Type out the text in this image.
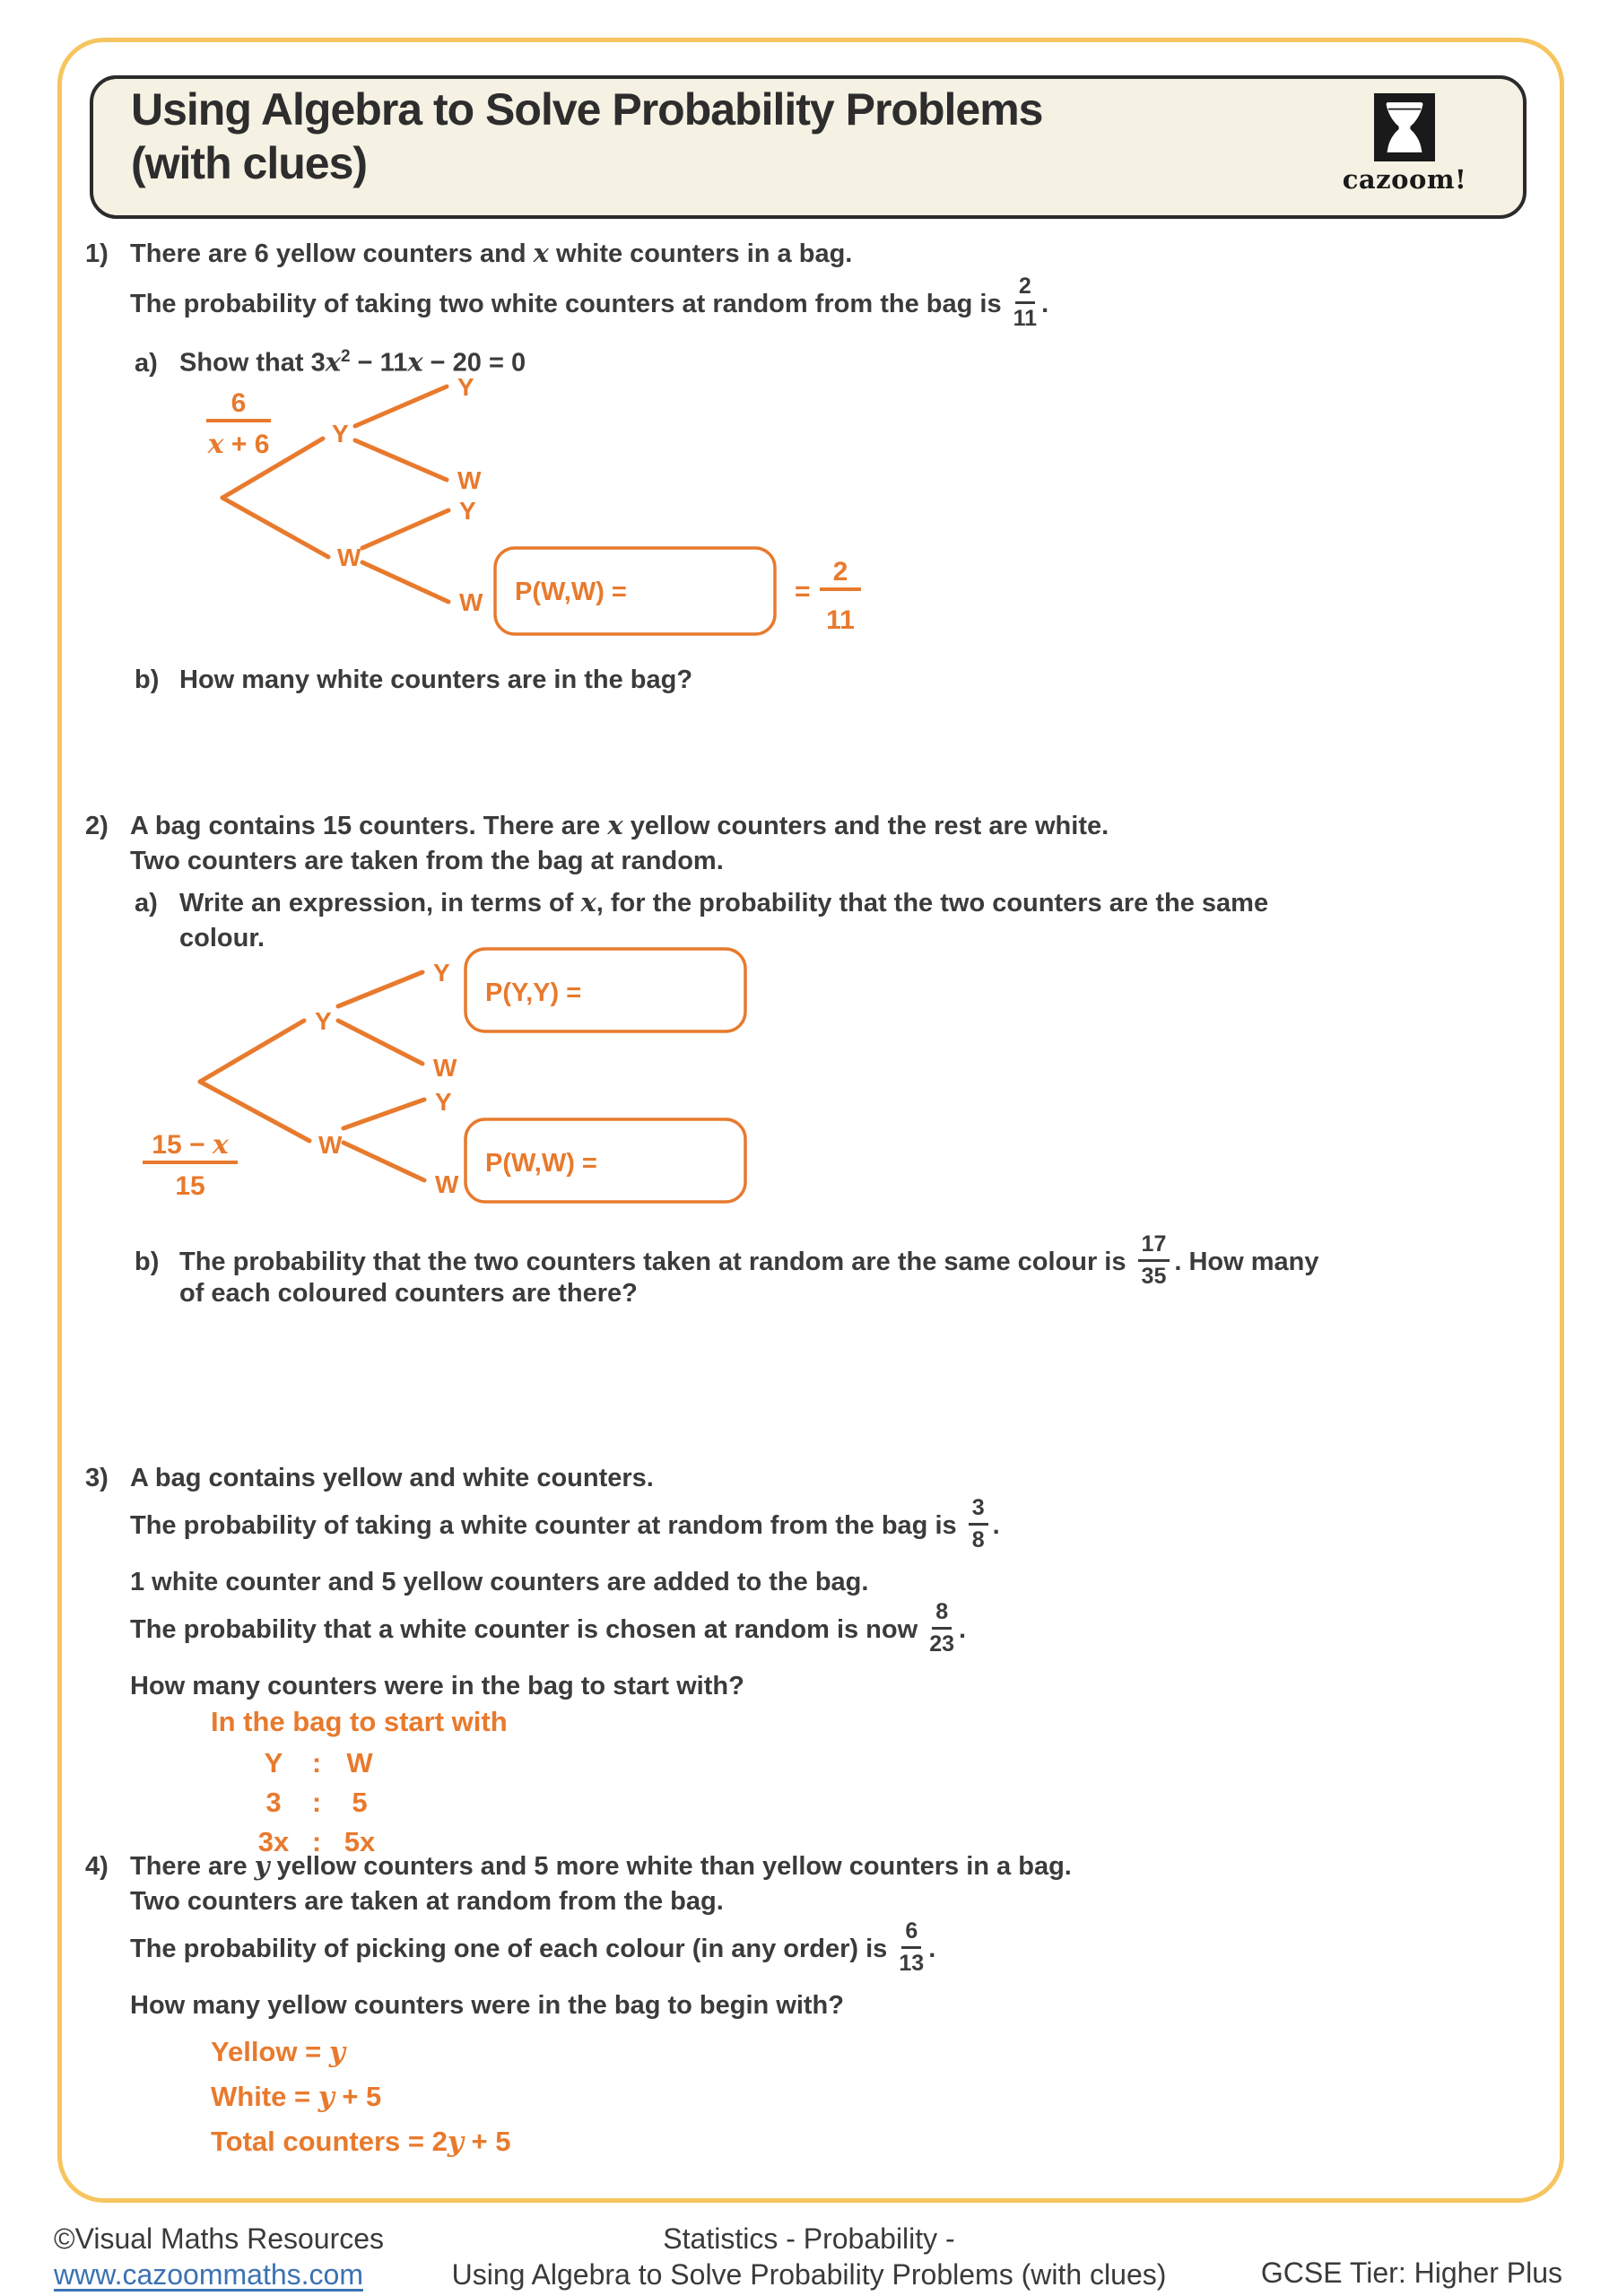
Using Algebra to Solve Probability Problems
(with clues)	cazoom!
1) There are 6 yellow counters and x white counters in a bag.
The probability of taking two white counters at random from the bag is $\frac{2}{11}$ .
a) Show that $3x^2 - 11x - 20 = 0$
6
x + 6 Y
W
Y
W
Y
W P(W,W) =	=
2
11
b) How many white counters are in the bag?
2) A bag contains 15 counters. There are x yellow counters and the rest are white.
Two counters are taken from the bag at random.
a) Write an expression, in terms of x, for the probability that the two counters are the same
colour.
Y
W
Y
W
Y
W
15 − x
15
P(Y,Y) =
P(W,W) =
b) The probability that the two counters taken at random are the same colour is $\frac{17}{35}$ . How many
of each coloured counters are there?
3) A bag contains yellow and white counters.
The probability of taking a white counter at random from the bag is $\frac{3}{8}$ .
1 white counter and 5 yellow counters are added to the bag.
The probability that a white counter is chosen at random is now $\frac{8}{23}$ .
How many counters were in the bag to start with?
In the bag to start with
Y	: W
3	:	5
3x : 5x
4) There are y yellow counters and 5 more white than yellow counters in a bag.
Two counters are taken at random from the bag.
The probability of picking one of each colour (in any order) is $\frac{6}{13}$ .
How many yellow counters were in the bag to begin with?
Yellow = y
White = y + 5
Total counters = 2y + 5
©Visual Maths Resources
www.cazoommaths.com
Statistics - Probability -
Using Algebra to Solve Probability Problems (with clues)	GCSE Tier: Higher Plus
